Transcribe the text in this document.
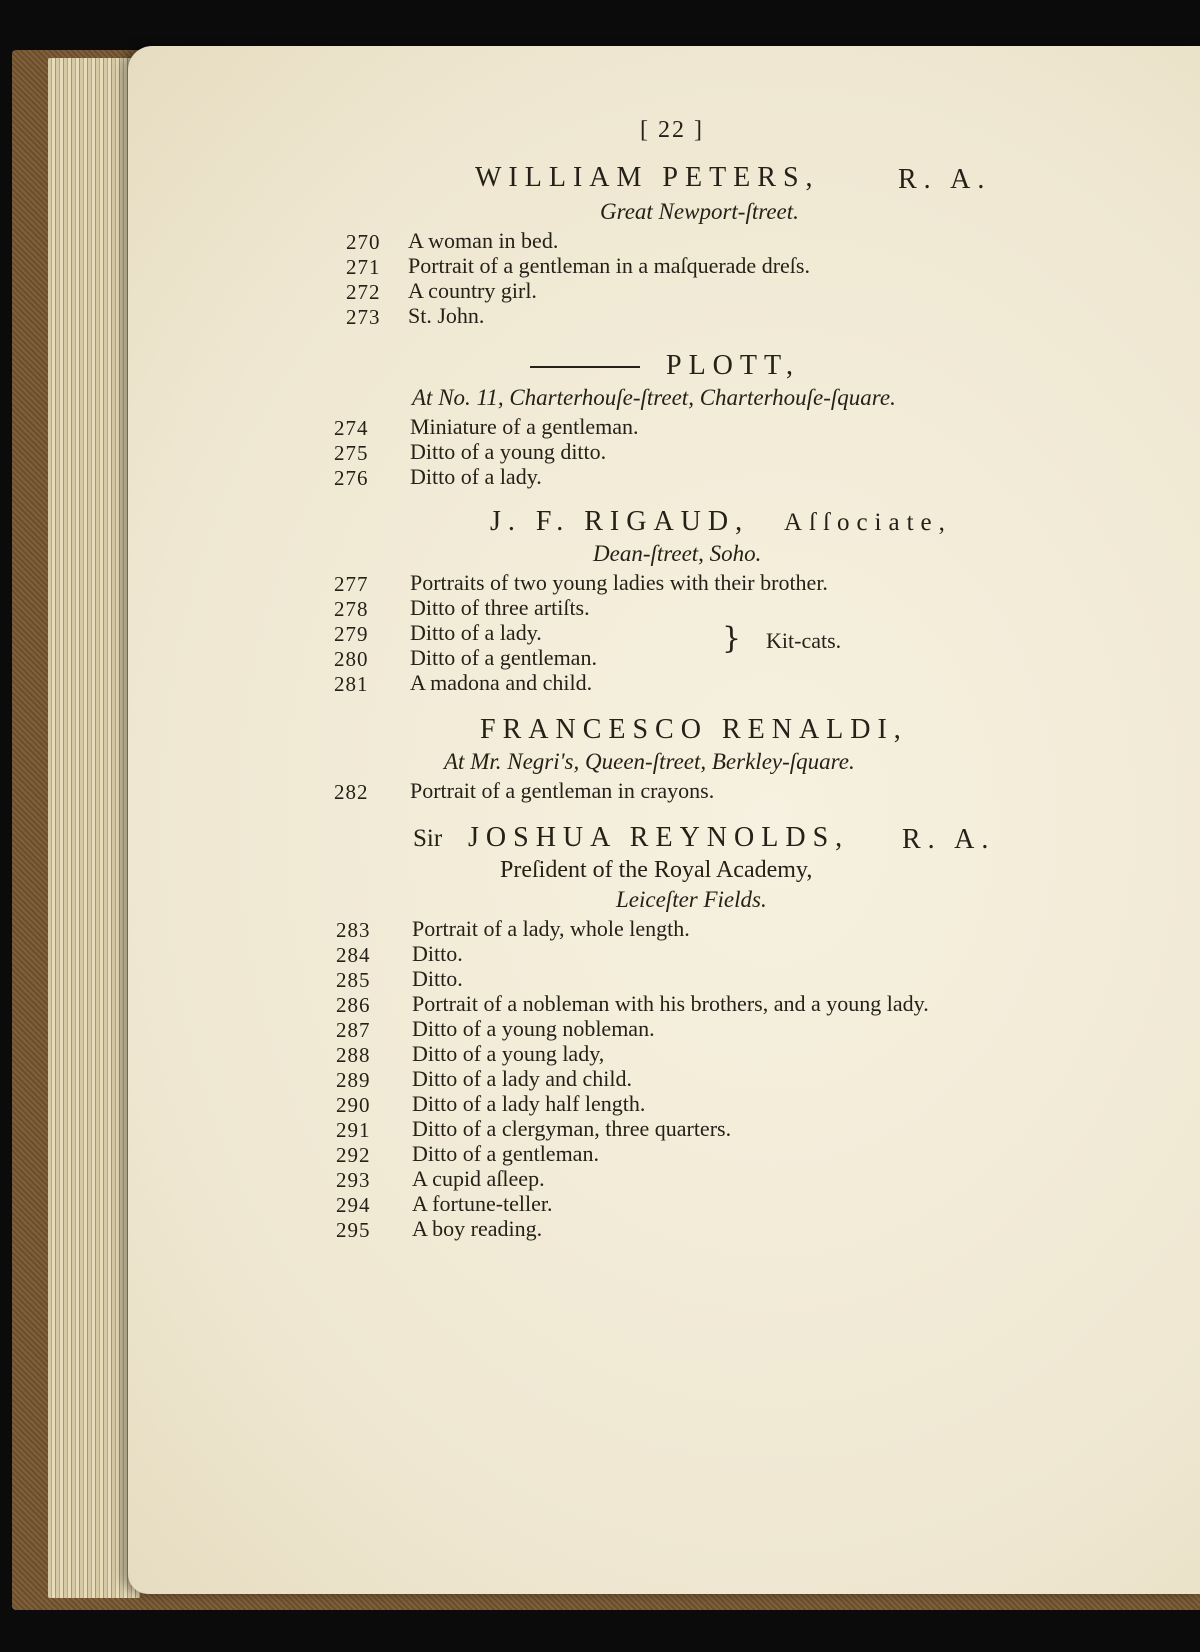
[ 22 ]
WILLIAM PETERS,	R. A.
Great Newport-ſtreet.
270 A woman in bed.
271 Portrait of a gentleman in a maſquerade dreſs.
272 A country girl.
273 St. John.
PLOTT,
At No. 11, Charterhouſe-ſtreet, Charterhouſe-ſquare.
274 Miniature of a gentleman.
275 Ditto of a young ditto.
276 Ditto of a lady.
J. F. RIGAUD, Aſſociate,
Dean-ſtreet, Soho.
277 Portraits of two young ladies with their brother.
278 Ditto of three artiſts.
279 Ditto of a lady.
280 Ditto of a gentleman.
281 A madona and child.
} Kit-cats.
FRANCESCO RENALDI,
At Mr. Negri's, Queen-ſtreet, Berkley-ſquare.
282 Portrait of a gentleman in crayons.
Sir JOSHUA REYNOLDS, R. A.
Preſident of the Royal Academy,
Leiceſter Fields.
283 Portrait of a lady, whole length.
284 Ditto.
285 Ditto.
286 Portrait of a nobleman with his brothers, and a young lady.
287 Ditto of a young nobleman.
288 Ditto of a young lady,
289 Ditto of a lady and child.
290 Ditto of a lady half length.
291 Ditto of a clergyman, three quarters.
292 Ditto of a gentleman.
293 A cupid aſleep.
294 A fortune-teller.
295 A boy reading.
